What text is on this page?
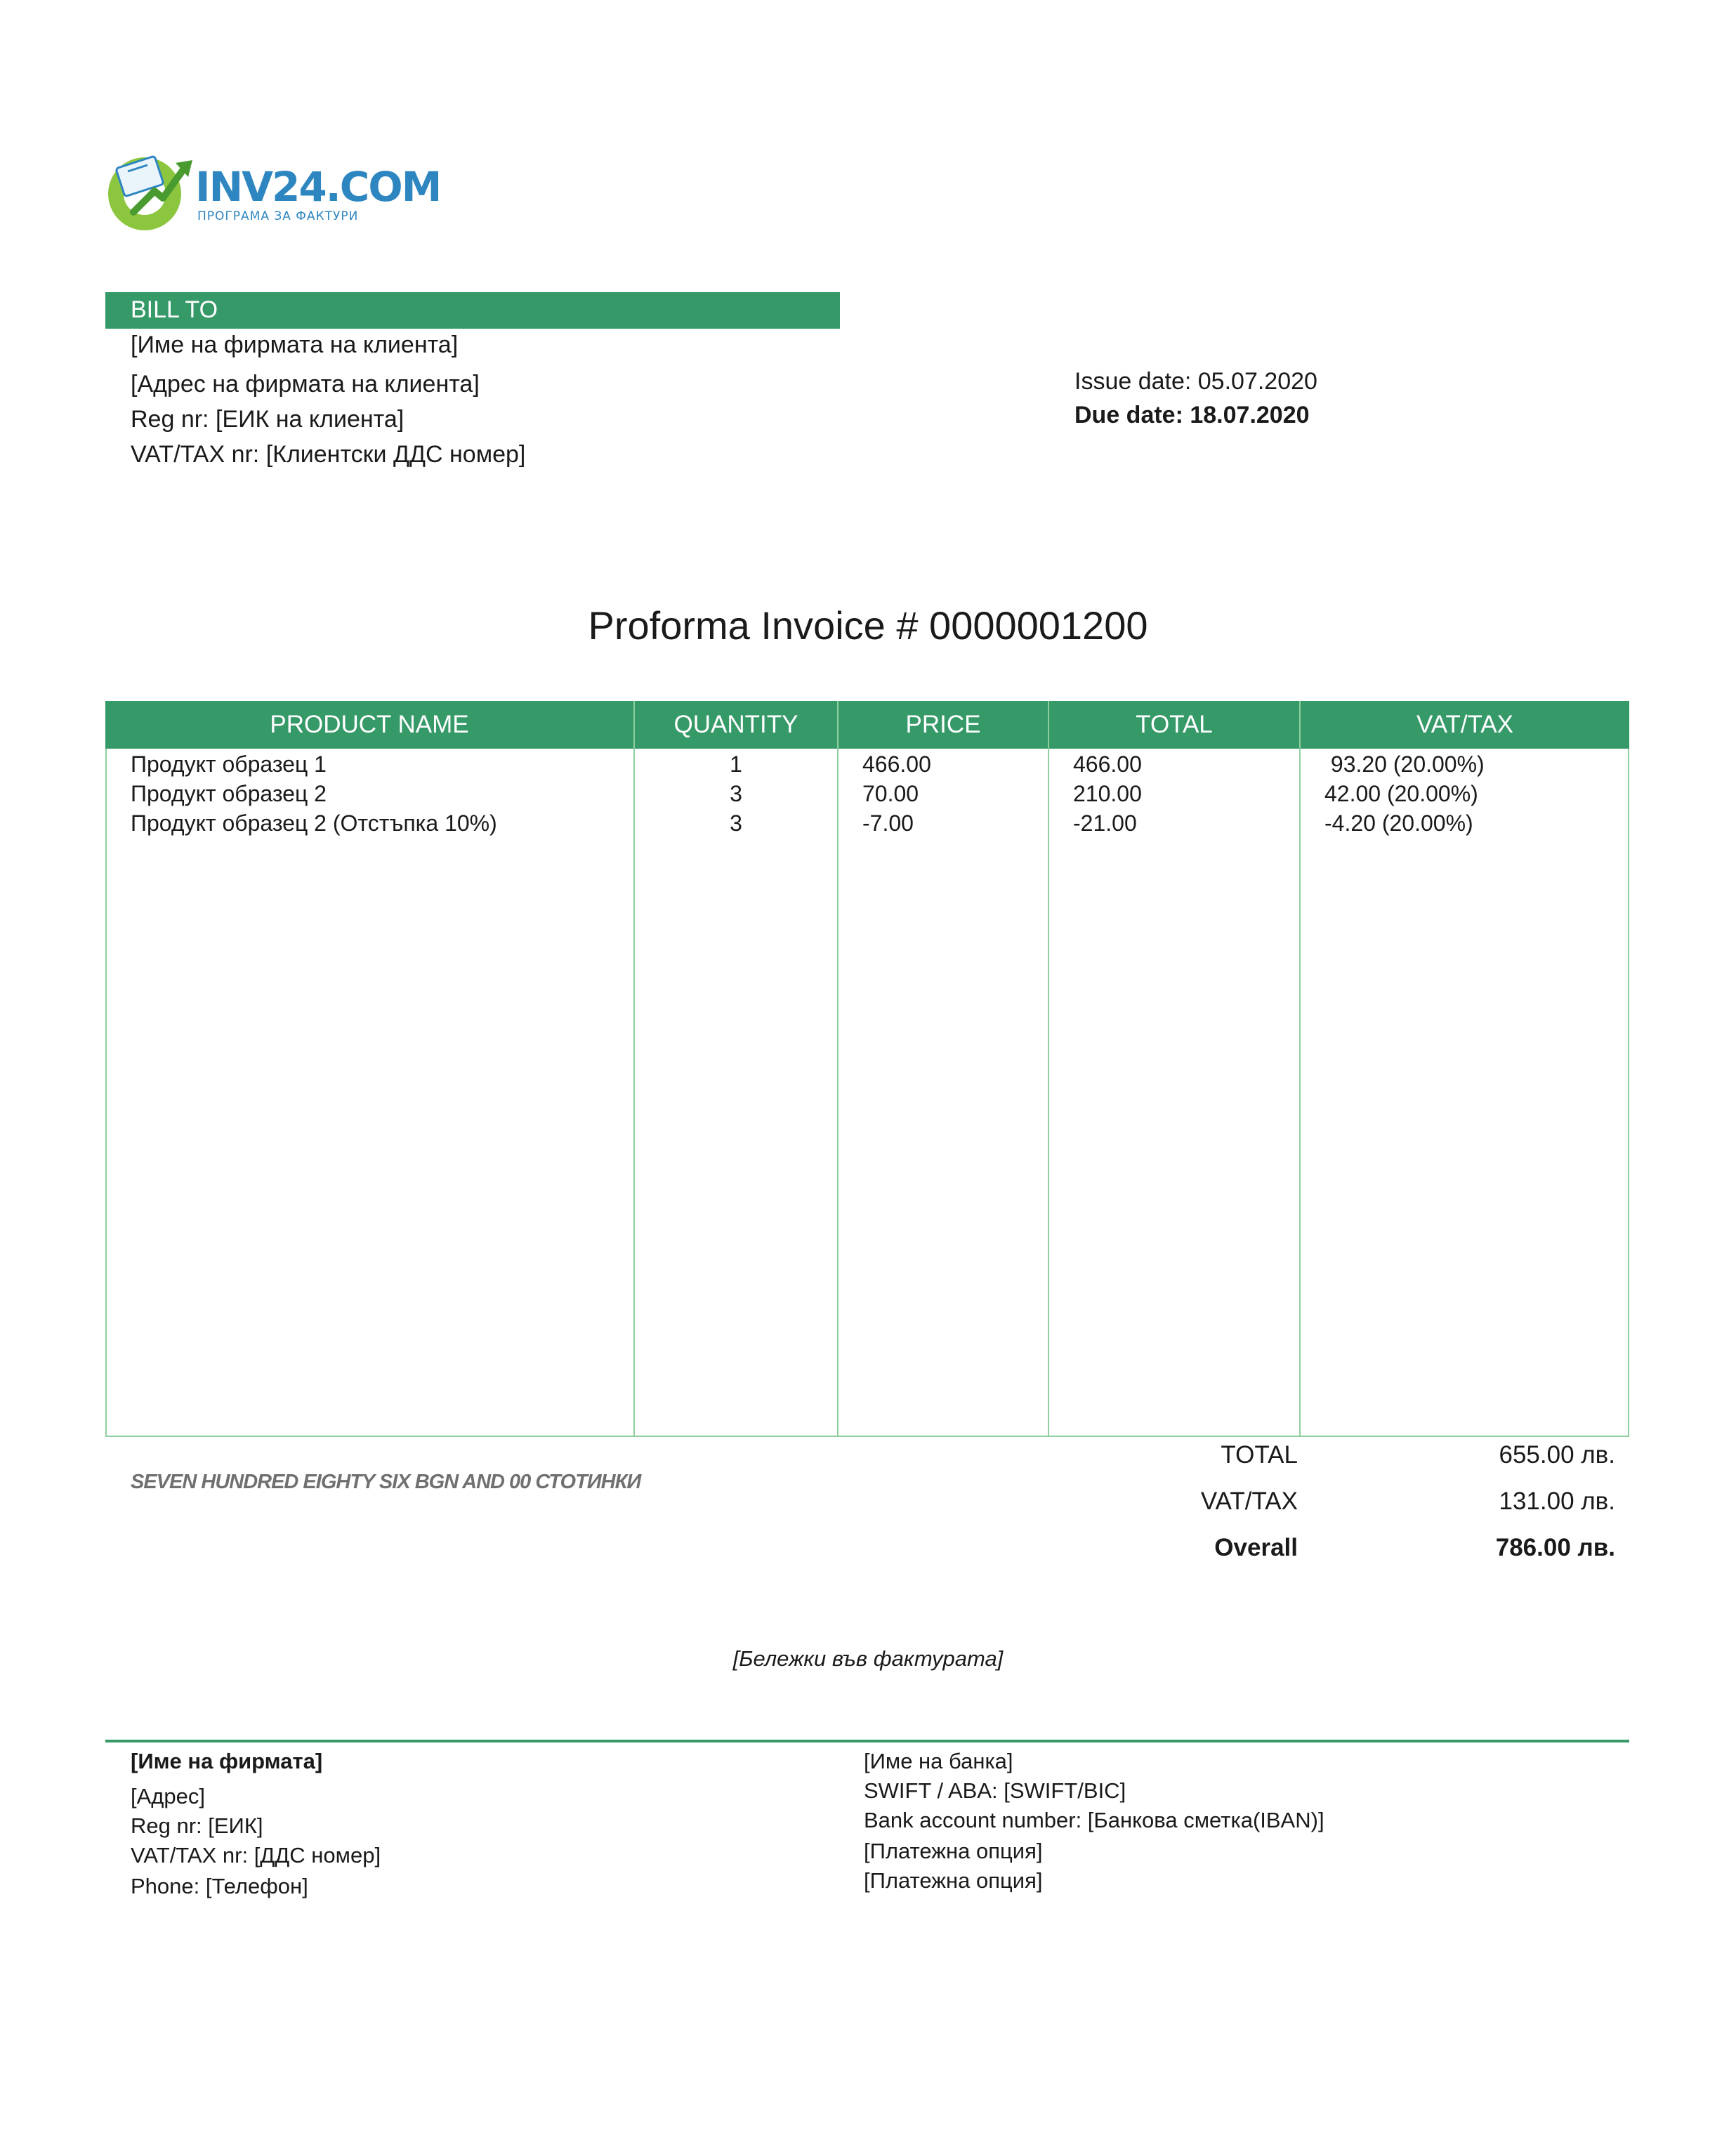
INV24.COM
ПРОГРАМА ЗА ФАКТУРИ
BILL TO
[Име на фирмата на клиента]
[Адрес на фирмата на клиента]
Reg nr: [ЕИК на клиента]
VAT/TAX nr: [Клиентски ДДС номер]
Issue date: 05.07.2020
Due date: 18.07.2020
Proforma Invoice # 0000001200
PRODUCT NAME	QUANTITY	PRICE	TOTAL	VAT/TAX
Продукт образец 1	1	466.00	466.00	93.20 (20.00%)
Продукт образец 2	3	70.00	210.00	42.00 (20.00%)
Продукт образец 2 (Отстъпка 10%)	3	-7.00	-21.00	-4.20 (20.00%)
SEVEN HUNDRED EIGHTY SIX BGN AND 00 СТОТИНКИ
TOTAL	655.00 лв.
VAT/TAX	131.00 лв.
Overall	786.00 лв.
[Бележки във фактурата]
[Име на фирмата]
[Адрес]
Reg nr: [ЕИК]
VAT/TAX nr: [ДДС номер]
Phone: [Телефон]
[Име на банка]
SWIFT / ABA: [SWIFT/BIC]
Bank account number: [Банкова сметка(IBAN)]
[Платежна опция]
[Платежна опция]
